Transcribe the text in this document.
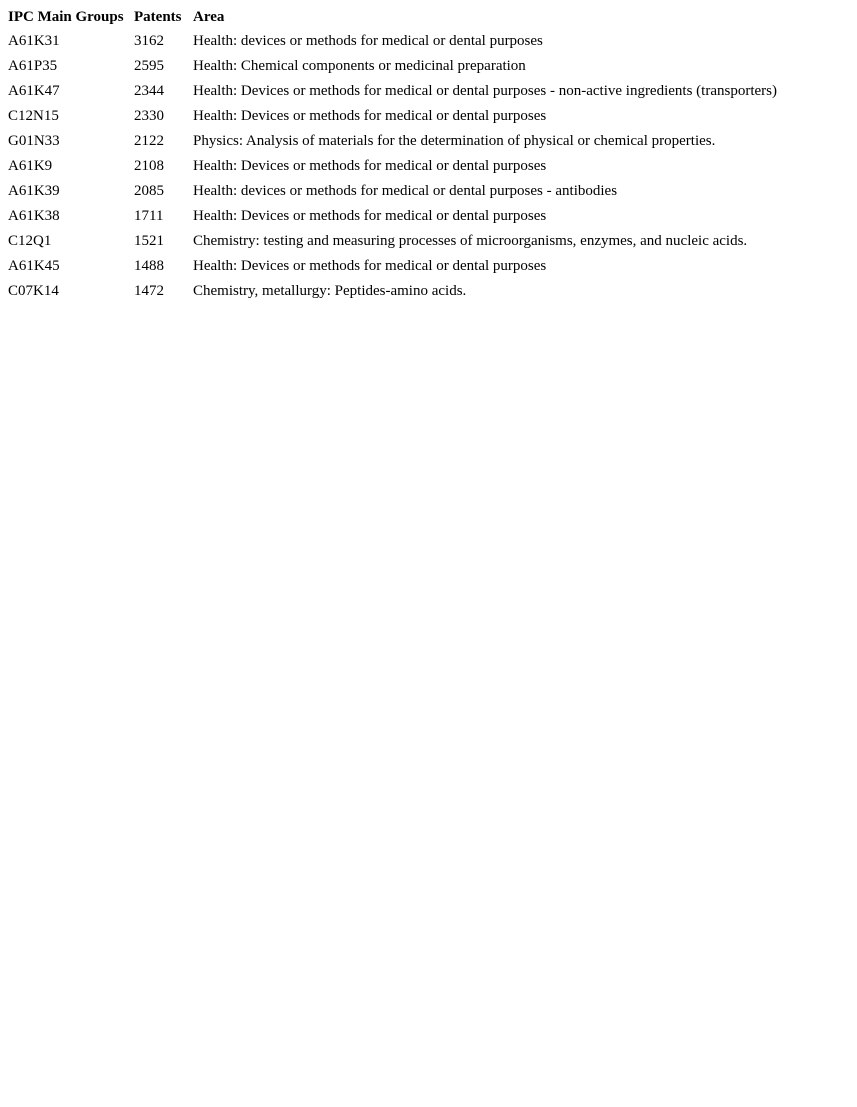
IPC Main Groups	Patents	Area
A61K31	3162	Health: devices or methods for medical or dental purposes
A61P35	2595	Health: Chemical components or medicinal preparation
A61K47	2344	Health: Devices or methods for medical or dental purposes - non-active ingredients (transporters)
C12N15	2330	Health: Devices or methods for medical or dental purposes
G01N33	2122	Physics: Analysis of materials for the determination of physical or chemical properties.
A61K9	2108	Health: Devices or methods for medical or dental purposes
A61K39	2085	Health: devices or methods for medical or dental purposes - antibodies
A61K38	1711	Health: Devices or methods for medical or dental purposes
C12Q1	1521	Chemistry: testing and measuring processes of microorganisms, enzymes, and nucleic acids.
A61K45	1488	Health: Devices or methods for medical or dental purposes
C07K14	1472	Chemistry, metallurgy: Peptides-amino acids.
